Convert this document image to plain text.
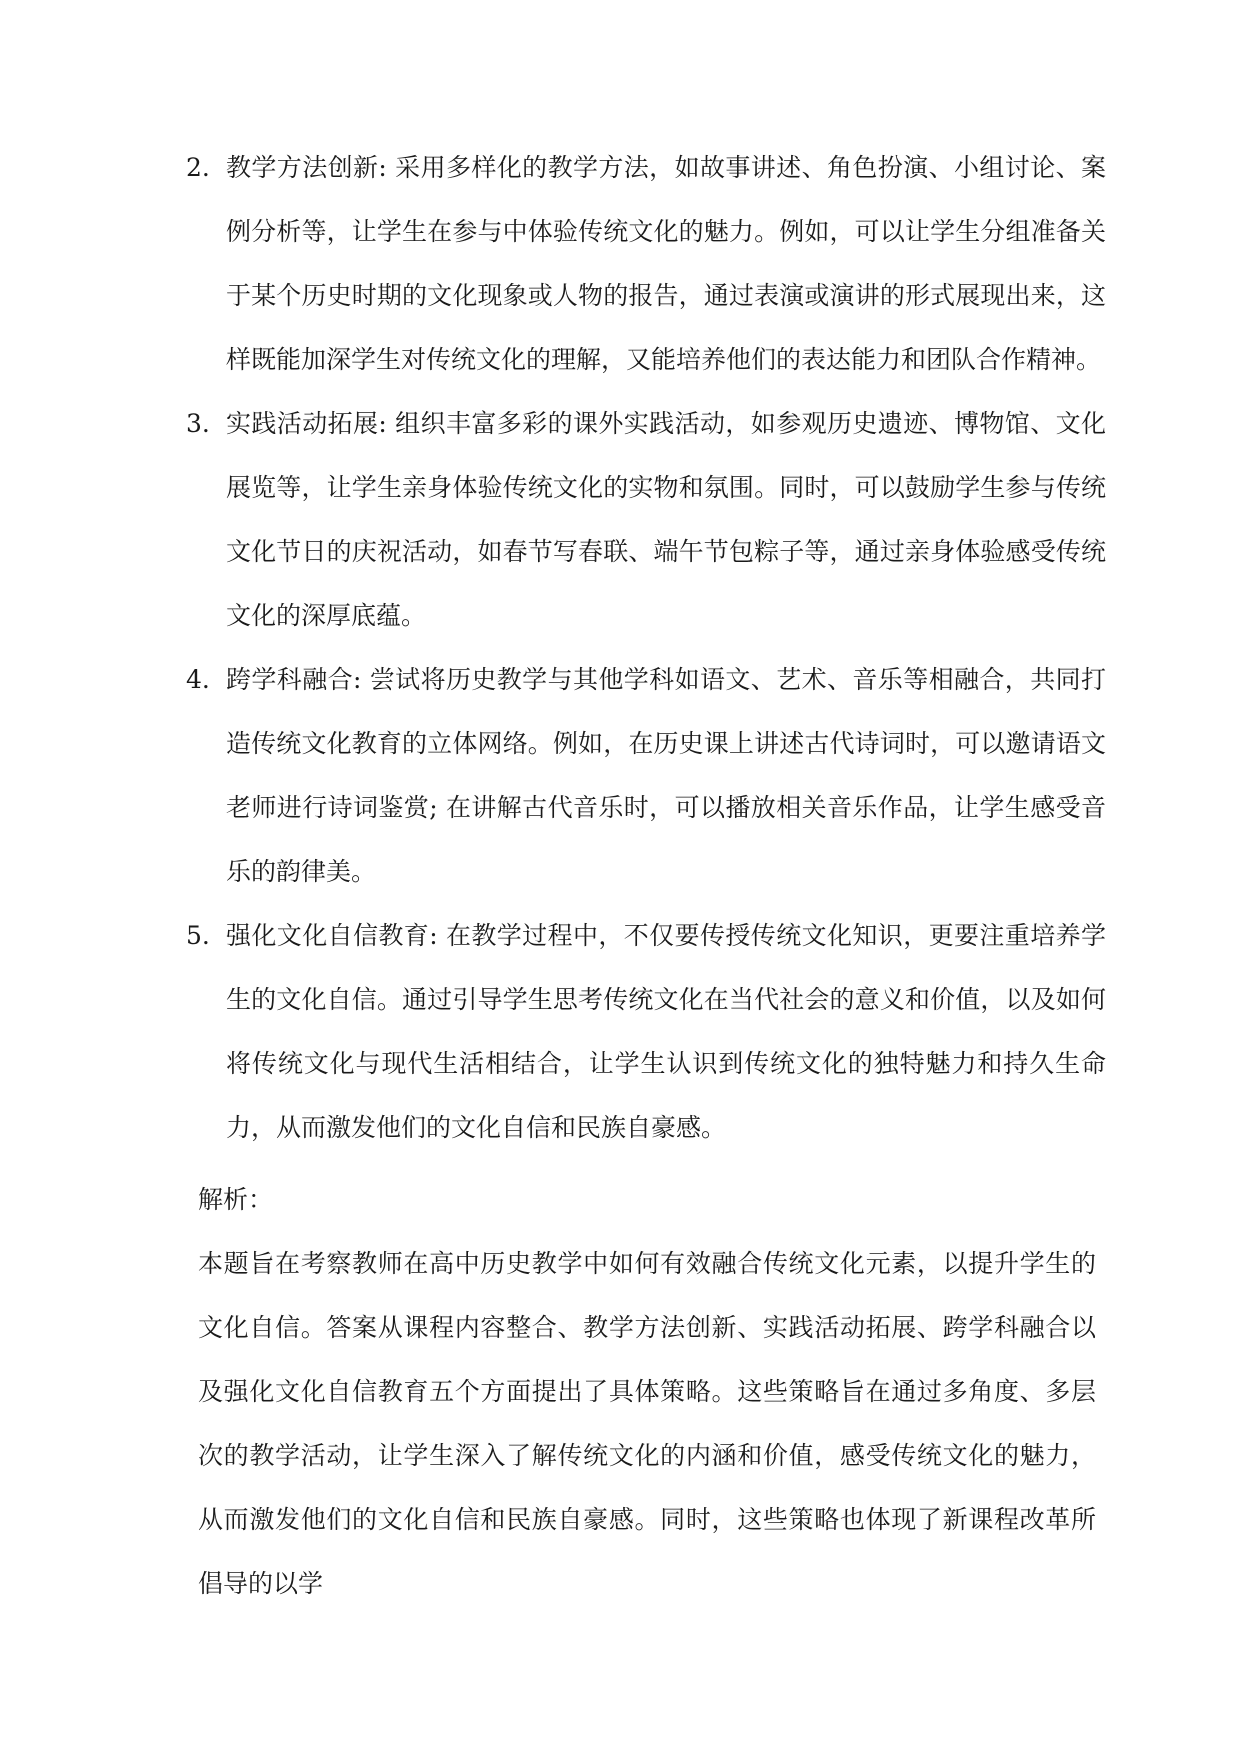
2. 教学方法创新: 采用多样化的教学方法，如故事讲述、角色扮演、小组讨论、案例分析等，让学生在参与中体验传统文化的魅力。例如，可以让学生分组准备关于某个历史时期的文化现象或人物的报告，通过表演或演讲的形式展现出来，这样既能加深学生对传统文化的理解，又能培养他们的表达能力和团队合作精神。
3. 实践活动拓展: 组织丰富多彩的课外实践活动，如参观历史遗迹、博物馆、文化展览等，让学生亲身体验传统文化的实物和氛围。同时，可以鼓励学生参与传统文化节日的庆祝活动，如春节写春联、端午节包粽子等，通过亲身体验感受传统文化的深厚底蕴。
4. 跨学科融合: 尝试将历史教学与其他学科如语文、艺术、音乐等相融合，共同打造传统文化教育的立体网络。例如，在历史课上讲述古代诗词时，可以邀请语文老师进行诗词鉴赏; 在讲解古代音乐时，可以播放相关音乐作品，让学生感受音乐的韵律美。
5. 强化文化自信教育: 在教学过程中，不仅要传授传统文化知识，更要注重培养学生的文化自信。通过引导学生思考传统文化在当代社会的意义和价值，以及如何将传统文化与现代生活相结合，让学生认识到传统文化的独特魅力和持久生命力，从而激发他们的文化自信和民族自豪感。

解析：

本题旨在考察教师在高中历史教学中如何有效融合传统文化元素，以提升学生的文化自信。答案从课程内容整合、教学方法创新、实践活动拓展、跨学科融合以及强化文化自信教育五个方面提出了具体策略。这些策略旨在通过多角度、多层次的教学活动，让学生深入了解传统文化的内涵和价值，感受传统文化的魅力，从而激发他们的文化自信和民族自豪感。同时，这些策略也体现了新课程改革所倡导的以学
